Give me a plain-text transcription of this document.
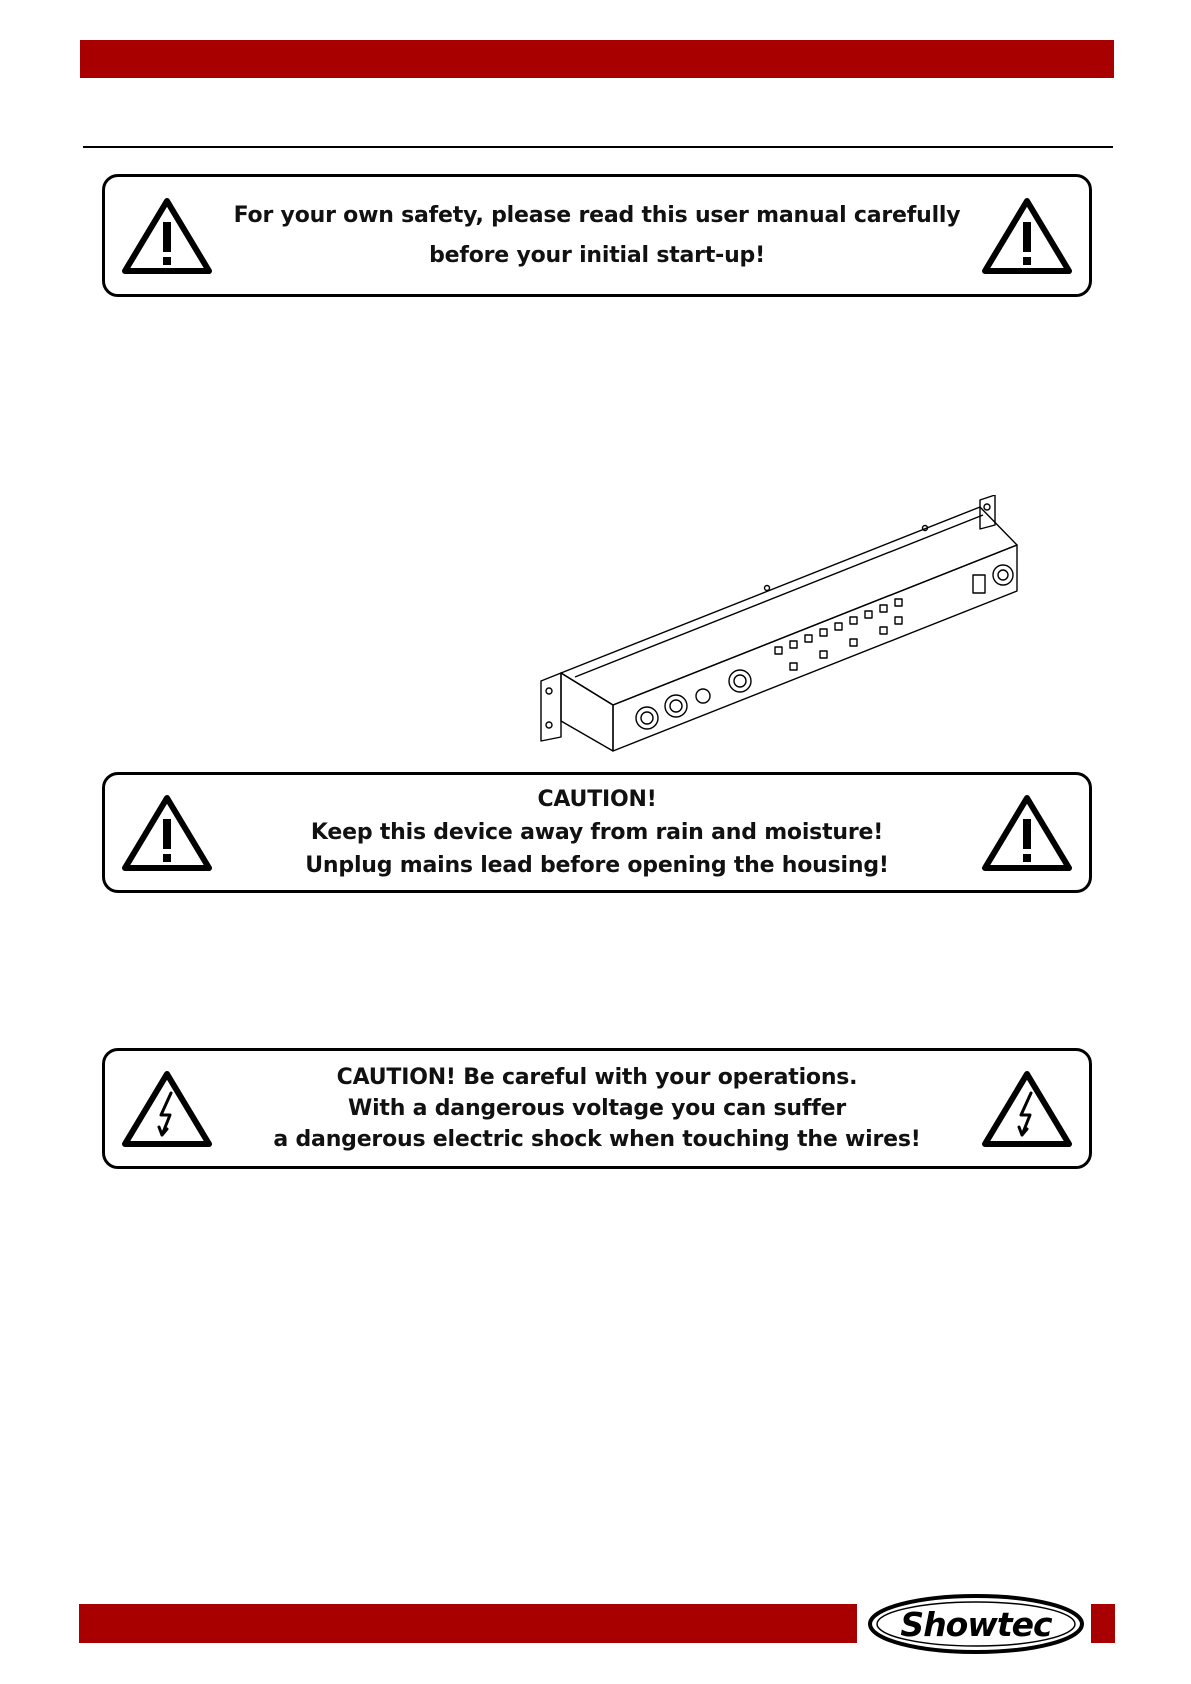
For your own safety, please read this user manual carefully
before your initial start-up!
CAUTION!
Keep this device away from rain and moisture!
Unplug mains lead before opening the housing!
CAUTION! Be careful with your operations.
With a dangerous voltage you can suffer
a dangerous electric shock when touching the wires!
Showtec
